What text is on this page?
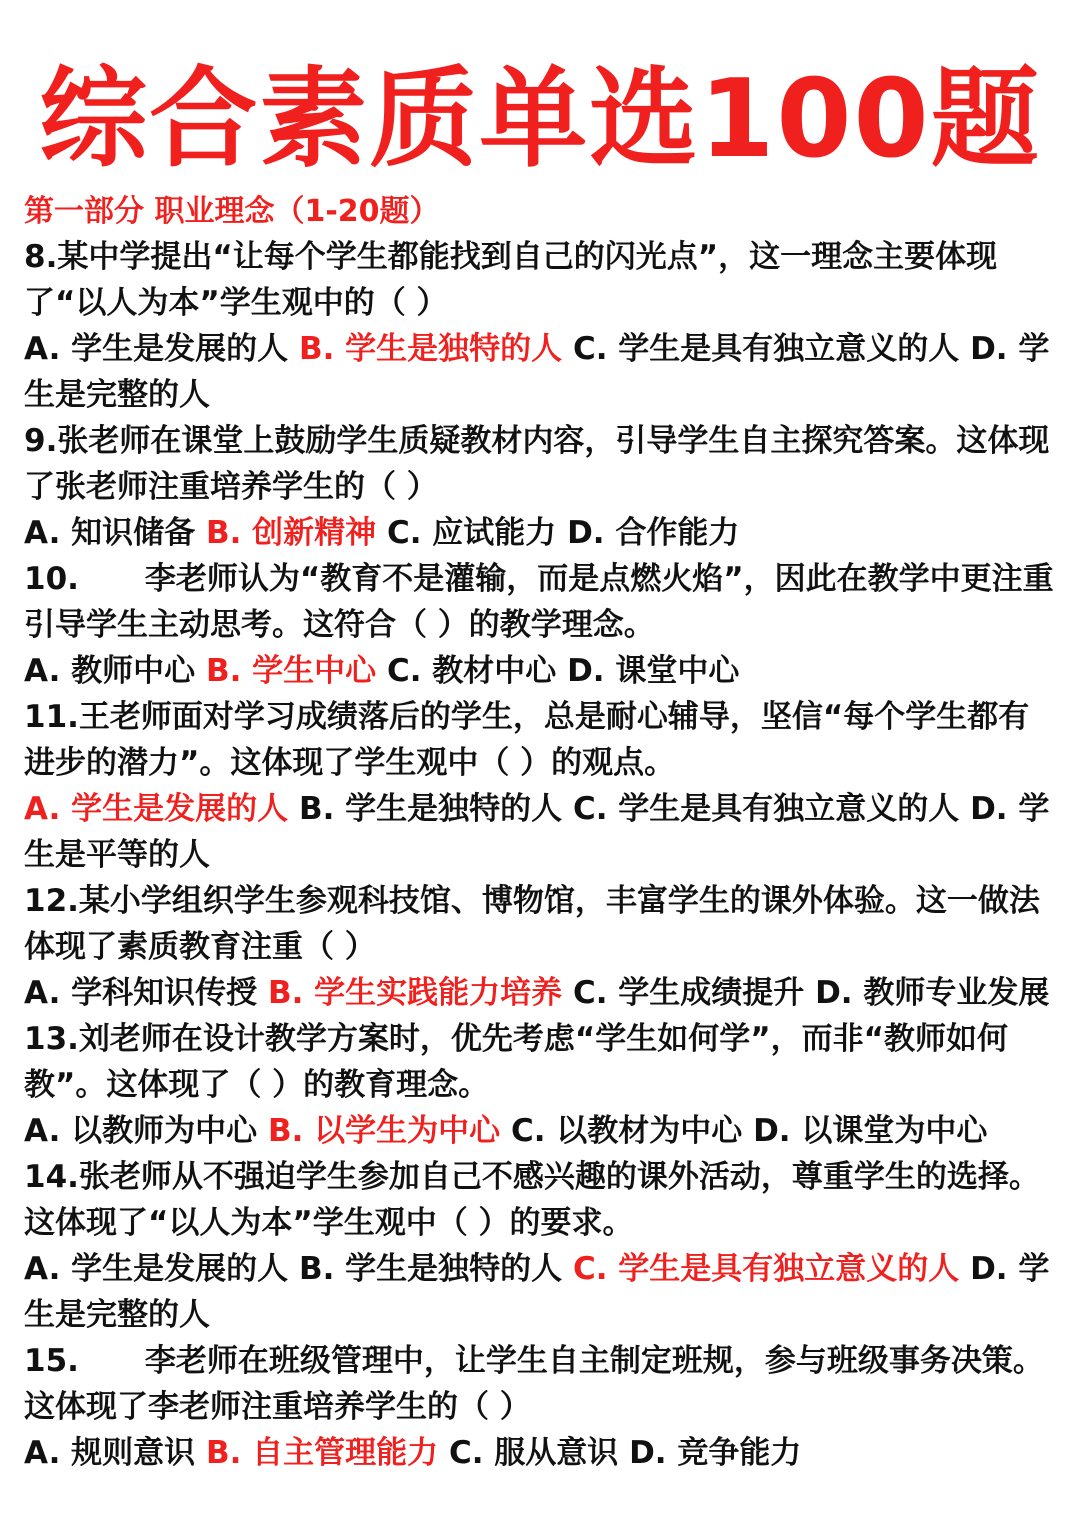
综合素质单选100题
第一部分 职业理念（1-20题）
8.某中学提出“让每个学生都能找到自己的闪光点”，这一理念主要体现了“以人为本”学生观中的（ ）
A. 学生是发展的人 B. 学生是独特的人 C. 学生是具有独立意义的人 D. 学生是完整的人
9.张老师在课堂上鼓励学生质疑教材内容，引导学生自主探究答案。这体现了张老师注重培养学生的（ ）
A. 知识储备 B. 创新精神 C. 应试能力 D. 合作能力
10. 李老师认为“教育不是灌输，而是点燃火焰”，因此在教学中更注重引导学生主动思考。这符合（ ）的教学理念。
A. 教师中心 B. 学生中心 C. 教材中心 D. 课堂中心
11.王老师面对学习成绩落后的学生，总是耐心辅导，坚信“每个学生都有进步的潜力”。这体现了学生观中（ ）的观点。
A. 学生是发展的人 B. 学生是独特的人 C. 学生是具有独立意义的人 D. 学生是平等的人
12.某小学组织学生参观科技馆、博物馆，丰富学生的课外体验。这一做法体现了素质教育注重（ ）
A. 学科知识传授 B. 学生实践能力培养 C. 学生成绩提升 D. 教师专业发展
13.刘老师在设计教学方案时，优先考虑“学生如何学”，而非“教师如何教”。这体现了（ ）的教育理念。
A. 以教师为中心 B. 以学生为中心 C. 以教材为中心 D. 以课堂为中心
14.张老师从不强迫学生参加自己不感兴趣的课外活动，尊重学生的选择。这体现了“以人为本”学生观中（ ）的要求。
A. 学生是发展的人 B. 学生是独特的人 C. 学生是具有独立意义的人 D. 学生是完整的人
15. 李老师在班级管理中，让学生自主制定班规，参与班级事务决策。这体现了李老师注重培养学生的（ ）
A. 规则意识 B. 自主管理能力 C. 服从意识 D. 竞争能力
